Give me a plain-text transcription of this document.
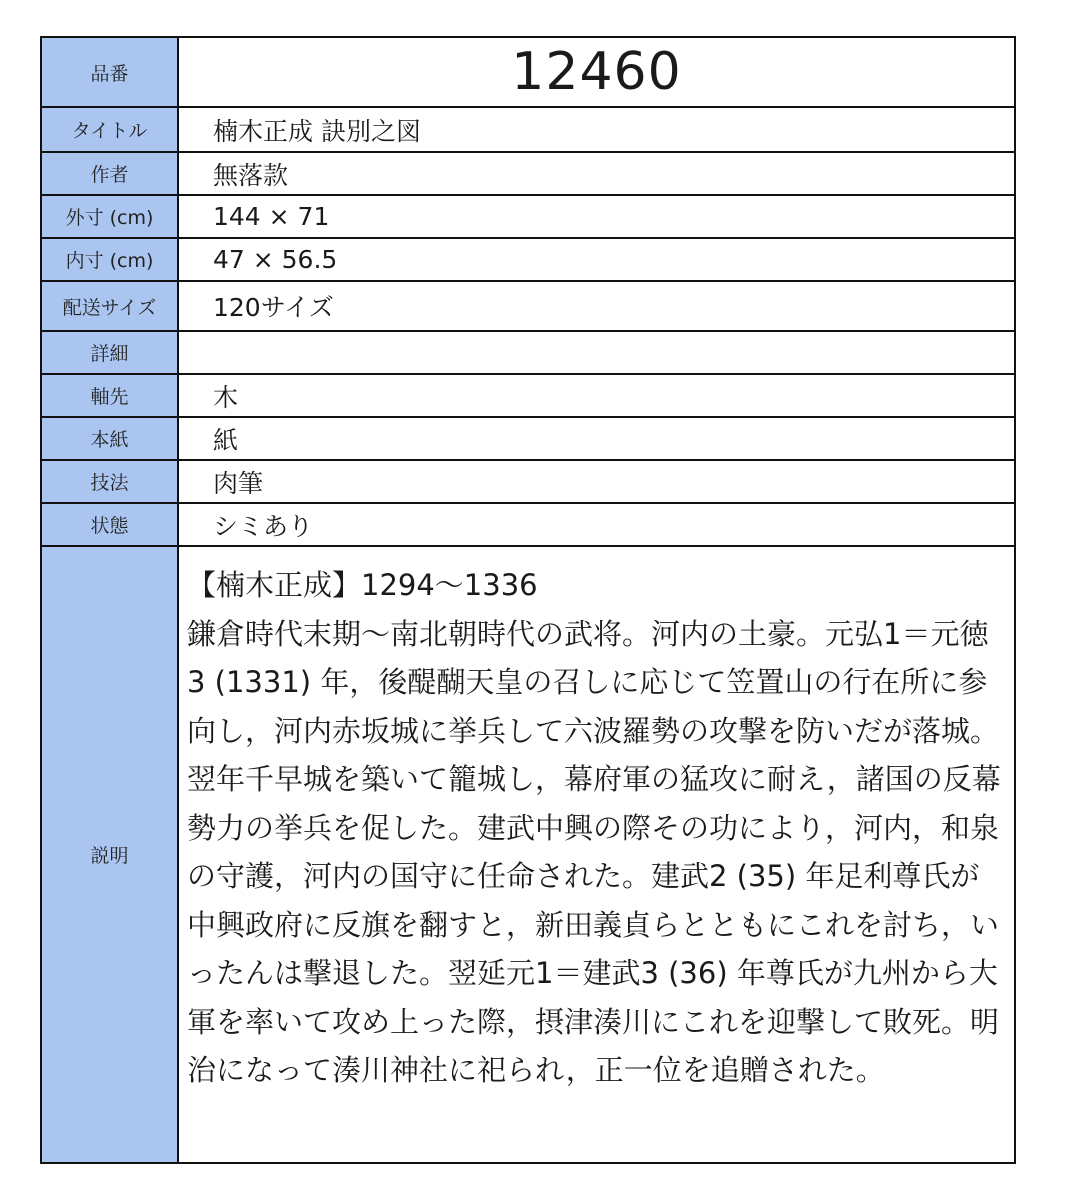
品番	12460
タイトル	楠木正成 訣別之図
作者	無落款
外寸 (cm)	144 × 71
内寸 (cm)	47 × 56.5
配送サイズ	120サイズ
詳細
軸先	木
本紙	紙
技法	肉筆
状態	シミあり
説明
【楠木正成】1294〜1336
鎌倉時代末期〜南北朝時代の武将。河内の土豪。元弘1＝元徳3 (1331) 年，後醍醐天皇の召しに応じて笠置山の行在所に参向し，河内赤坂城に挙兵して六波羅勢の攻撃を防いだが落城。翌年千早城を築いて籠城し，幕府軍の猛攻に耐え，諸国の反幕勢力の挙兵を促した。建武中興の際その功により，河内，和泉の守護，河内の国守に任命された。建武2 (35) 年足利尊氏が中興政府に反旗を翻すと，新田義貞らとともにこれを討ち，いったんは撃退した。翌延元1＝建武3 (36) 年尊氏が九州から大軍を率いて攻め上った際，摂津湊川にこれを迎撃して敗死。明治になって湊川神社に祀られ，正一位を追贈された。
